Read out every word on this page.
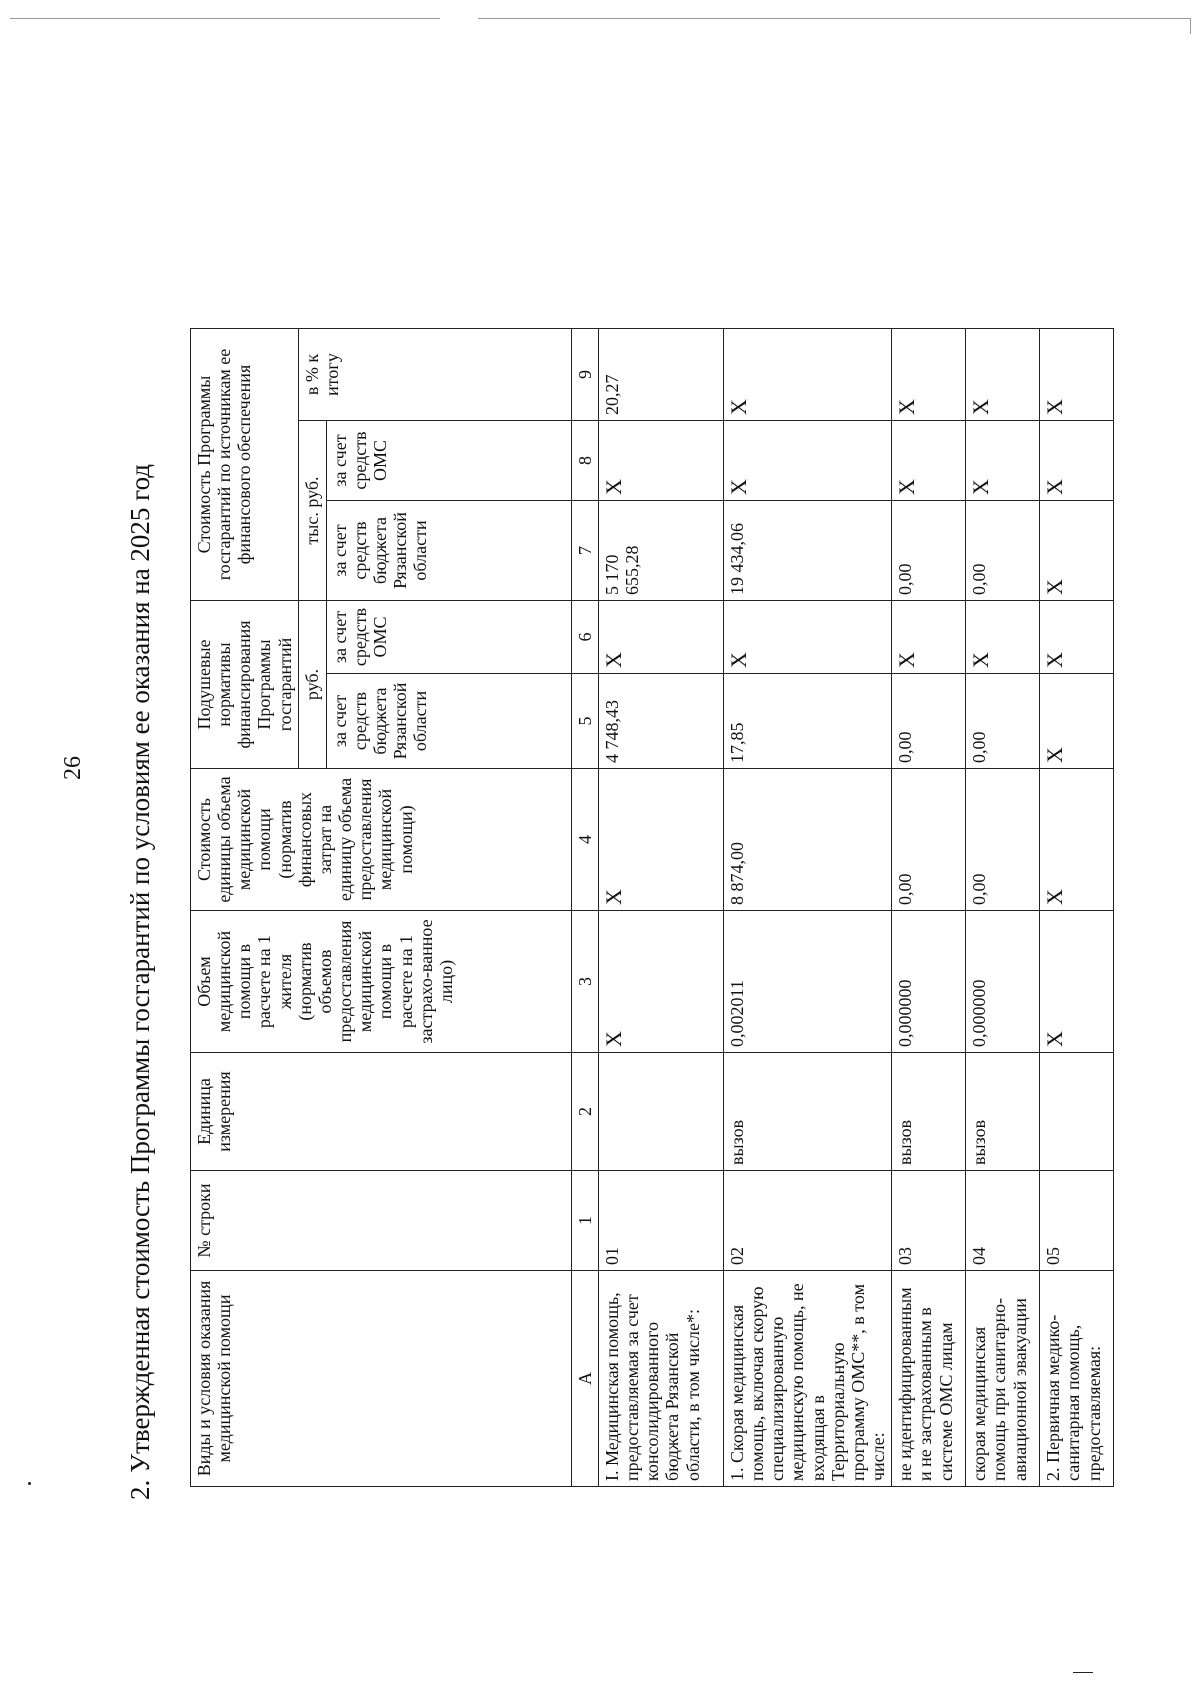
26 2. Утвержденная стоимость Программы госгарантий по условиям ее оказания на 2025 год Виды и условия оказания медицинской помощи	№ строки	Единица измерения	Объем медицинской помощи в расчете на 1 жителя (норматив объемов предоставления медицинской помощи в расчете на 1 застрахо-ванное лицо)	Стоимость единицы объема медицинской помощи (норматив финансовых затрат на единицу объема предоставления медицинской помощи)	Подушевые нормативы финансирования Программы госгарантий		Стоимость Программы госгарантий по источникам ее финансового обеспечения		
					руб.		тыс. руб.		в % к итогу
					за счет средств бюджета Рязанской области	за счет средств ОМС	за счет средств бюджета Рязанской области	за счет средств ОМС	
А	1	2	3	4	5	6	7	8	9
I. Медицинская помощь, предоставляемая за счет консолидированного бюджета Рязанской области, в том числе*:	01		Х	Х	4 748,43	Х	5 170 655,28	Х	20,27
1. Скорая медицинская помощь, включая скорую специализированную медицинскую помощь, не входящая в Территориальную программу ОМС**, в том числе:	02	вызов	0,002011	8 874,00	17,85	Х	19 434,06	Х	Х
не идентифицированным и не застрахованным в системе ОМС лицам	03	вызов	0,000000	0,00	0,00	Х	0,00	Х	Х
скорая медицинская помощь при санитарно-авиационной эвакуации	04	вызов	0,000000	0,00	0,00	Х	0,00	Х	Х
2. Первичная медико-санитарная помощь, предоставляемая:	05		Х	Х	Х	Х	Х	Х	Х
